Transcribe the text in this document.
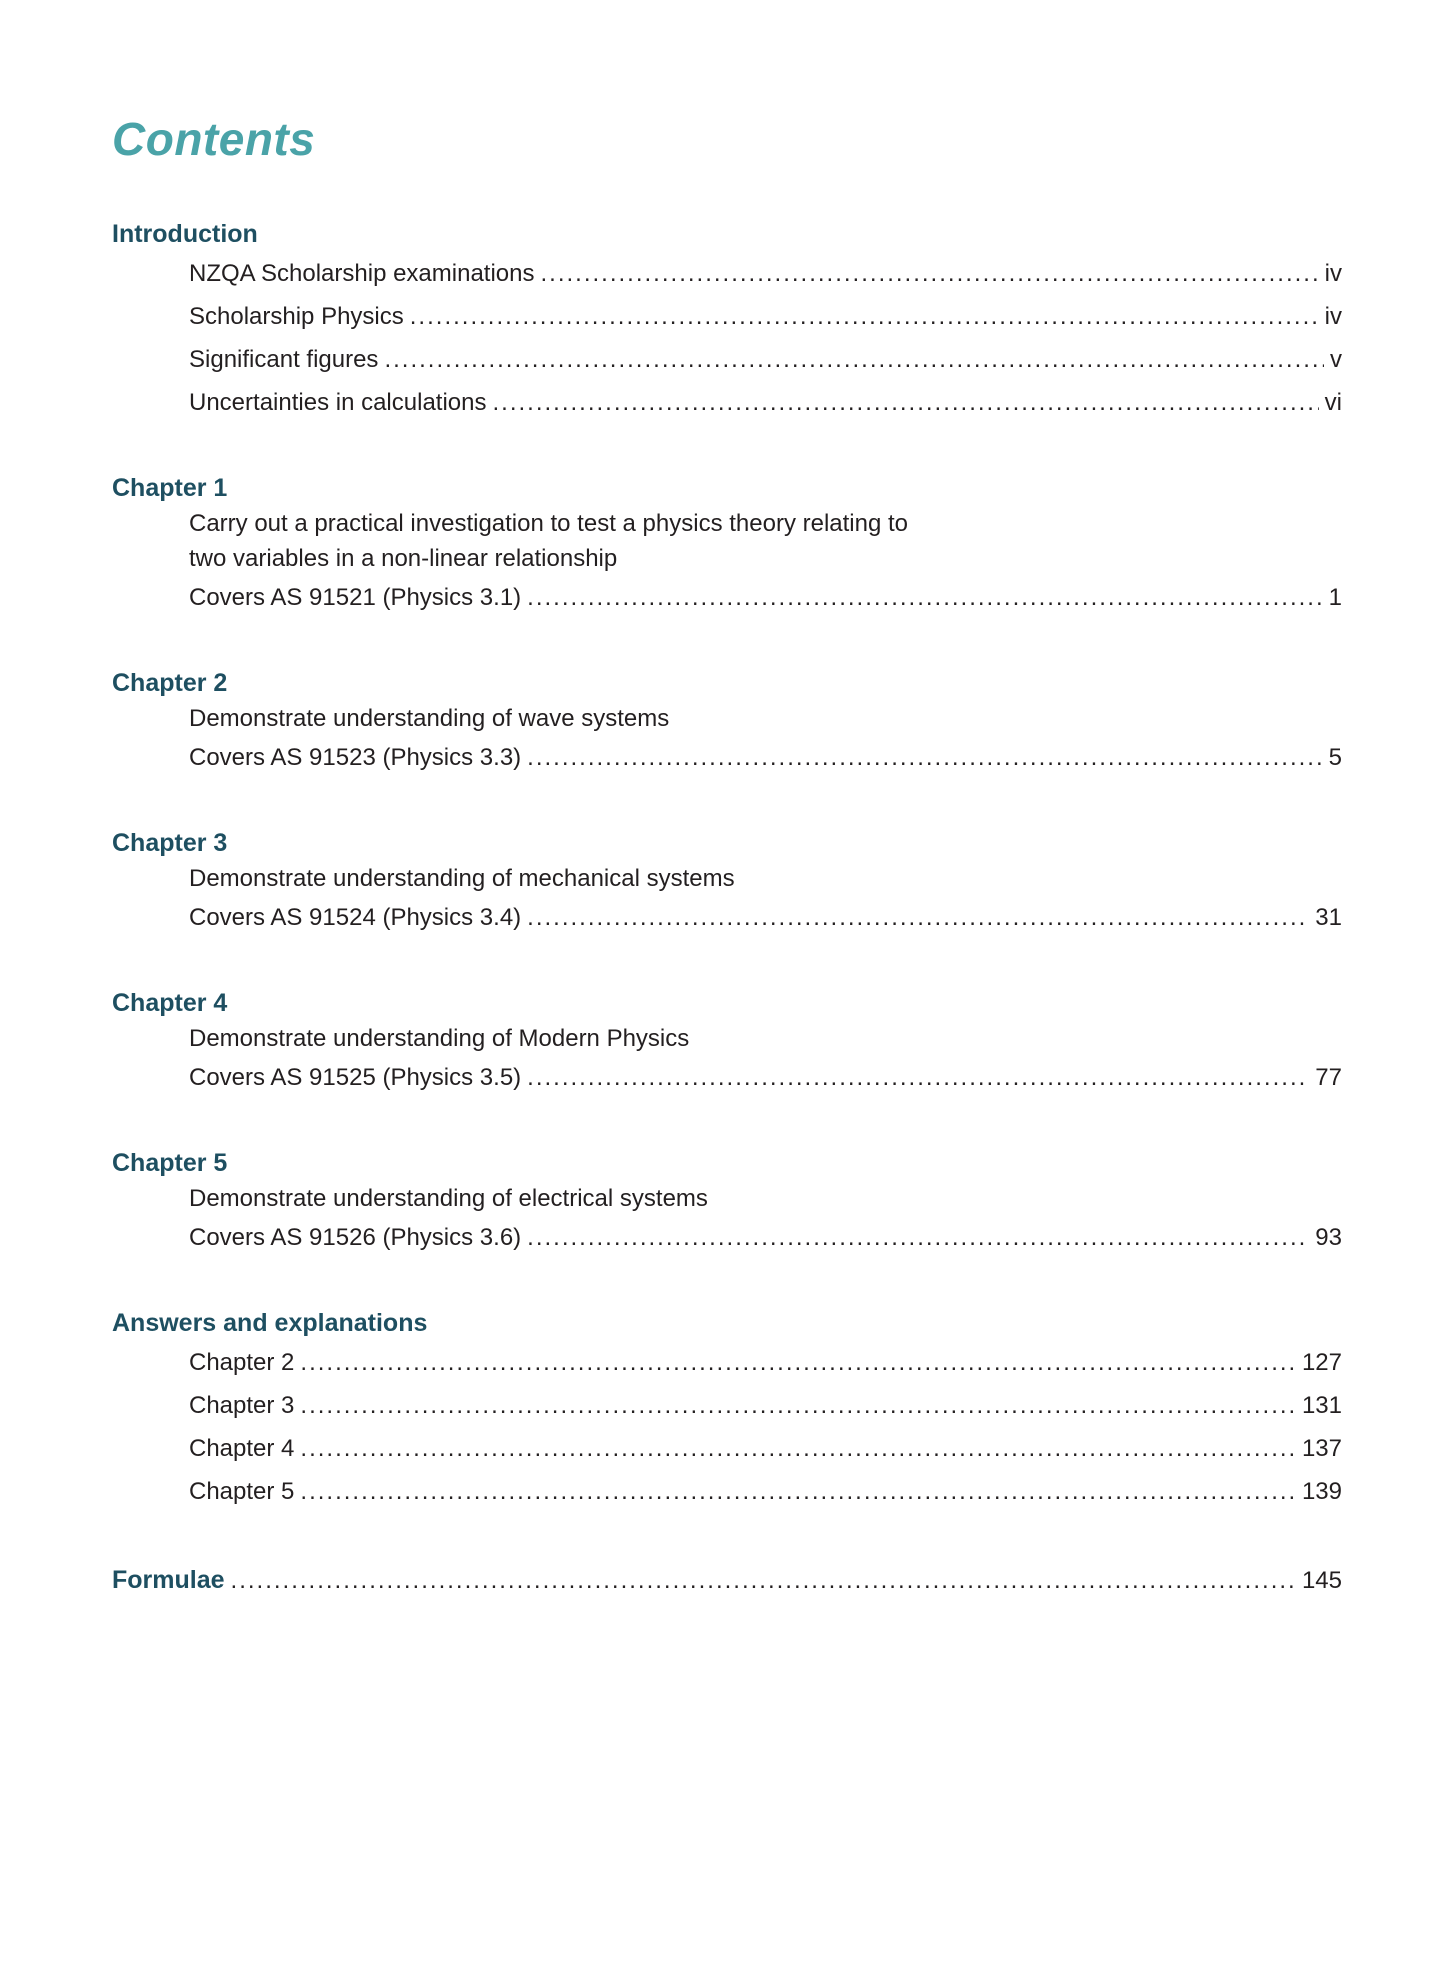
Contents
Introduction
NZQA Scholarship examinations .....	iv
Scholarship Physics .....	iv
Significant figures .....	v
Uncertainties in calculations .....	vi
Chapter 1
Carry out a practical investigation to test a physics theory relating to
two variables in a non-linear relationship
Covers AS 91521 (Physics 3.1) .....	1
Chapter 2
Demonstrate understanding of wave systems
Covers AS 91523 (Physics 3.3) .....	5
Chapter 3
Demonstrate understanding of mechanical systems
Covers AS 91524 (Physics 3.4) .....	31
Chapter 4
Demonstrate understanding of Modern Physics
Covers AS 91525 (Physics 3.5) .....	77
Chapter 5
Demonstrate understanding of electrical systems
Covers AS 91526 (Physics 3.6) .....	93
Answers and explanations
Chapter 2 .....	127
Chapter 3 .....	131
Chapter 4 .....	137
Chapter 5 .....	139
Formulae .....	145
